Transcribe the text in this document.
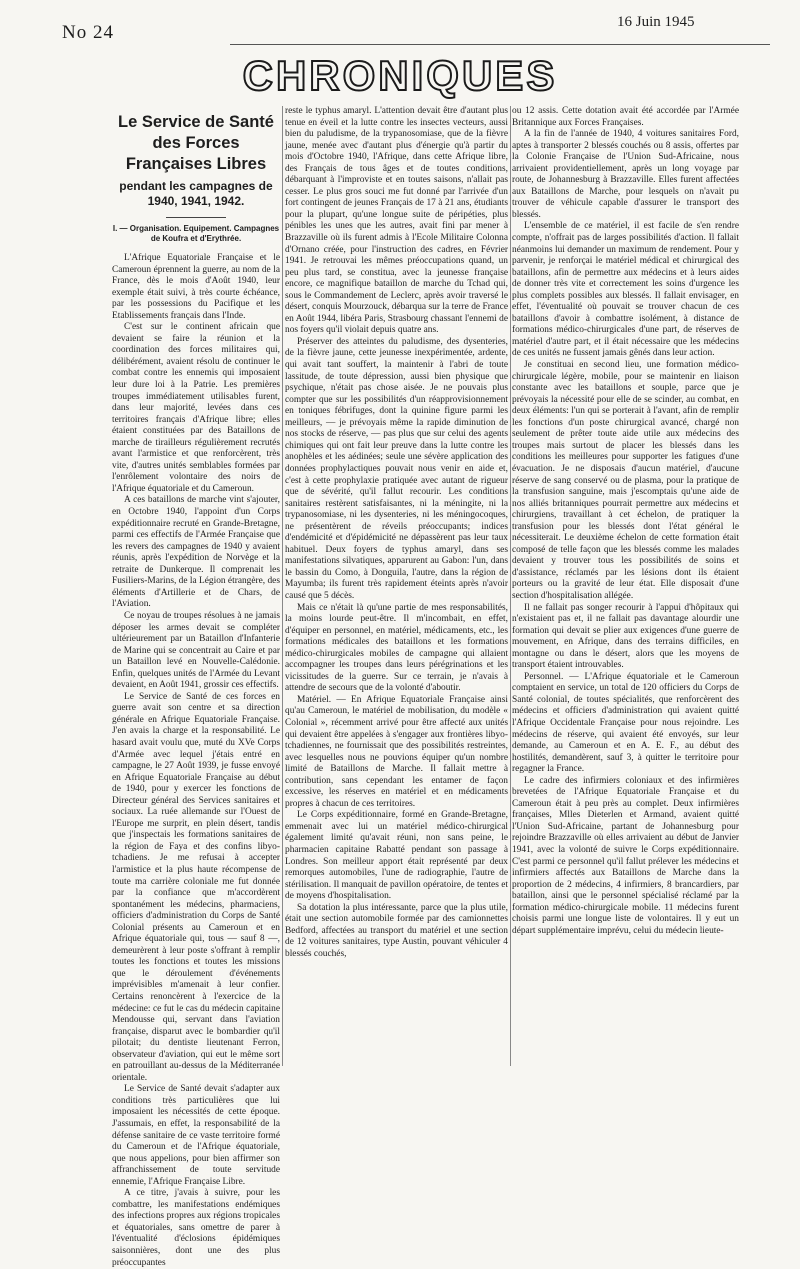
No 24	16 Juin 1945
CHRONIQUES
Le Service de Santé des Forces Françaises Libres
pendant les campagnes de 1940, 1941, 1942.
I. — Organisation. Equipement. Campagnes de Koufra et d'Erythrée.

L'Afrique Equatoriale Française et le Cameroun éprennent la guerre, au nom de la France, dès le mois d'Août 1940, leur exemple était suivi, à très courte échéance, par les possessions du Pacifique et les Etablissements français dans l'Inde.

C'est sur le continent africain que devaient se faire la réunion et la coordination des forces militaires qui, délibérément, avaient résolu de continuer le combat contre les ennemis qui imposaient leur dure loi à la Patrie. Les premières troupes immédiatement utilisables furent, dans leur majorité, levées dans ces territoires français d'Afrique libre; elles étaient constituées par des Bataillons de marche de tirailleurs régulièrement recrutés avant l'armistice et que renforcèrent, très vite, d'autres unités semblables formées par l'enrôlement volontaire des noirs de l'Afrique équatoriale et du Cameroun.

A ces bataillons de marche vint s'ajouter, en Octobre 1940, l'appoint d'un Corps expéditionnaire recruté en Grande-Bretagne, parmi ces effectifs de l'Armée Française que les revers des campagnes de 1940 y avaient réunis, après l'expédition de Norvège et la retraite de Dunkerque. Il comprenait les Fusiliers-Marins, de la Légion étrangère, des éléments d'Artillerie et de Chars, de l'Aviation.

Ce noyau de troupes résolues à ne jamais déposer les armes devait se compléter ultérieurement par un Bataillon d'Infanterie de Marine qui se concentrait au Caire et par un Bataillon levé en Nouvelle-Calédonie. Enfin, quelques unités de l'Armée du Levant devaient, en Août 1941, grossir ces effectifs.

Le Service de Santé de ces forces en guerre avait son centre et sa direction générale en Afrique Equatoriale Française. J'en avais la charge et la responsabilité. Le hasard avait voulu que, muté du XVe Corps d'Armée avec lequel j'étais entré en campagne, le 27 Août 1939, je fusse envoyé en Afrique Equatoriale Française au début de 1940, pour y exercer les fonctions de Directeur général des Services sanitaires et sociaux. La ruée allemande sur l'Ouest de l'Europe me surprit, en plein désert, tandis que j'inspectais les formations sanitaires de la région de Faya et des confins libyo-tchadiens. Je me refusai à accepter l'armistice et la plus haute récompense de toute ma carrière coloniale me fut donnée par la confiance que m'accordèrent spontanément les médecins, pharmaciens, officiers d'administration du Corps de Santé Colonial présents au Cameroun et en Afrique équatoriale qui, tous — sauf 8 —, demeurèrent à leur poste s'offrant à remplir toutes les fonctions et toutes les missions que le déroulement d'événements imprévisibles m'amenait à leur confier. Certains renoncèrent à l'exercice de la médecine: ce fut le cas du médecin capitaine Mendousse qui, servant dans l'aviation française, disparut avec le bombardier qu'il pilotait; du dentiste lieutenant Ferron, observateur d'aviation, qui eut le même sort en patrouillant au-dessus de la Méditerranée orientale.

Le Service de Santé devait s'adapter aux conditions très particulières que lui imposaient les nécessités de cette époque. J'assumais, en effet, la responsabilité de la défense sanitaire de ce vaste territoire formé du Cameroun et de l'Afrique équatoriale, que nous appelions, pour bien affirmer son affranchissement de toute servitude ennemie, l'Afrique Française Libre.

A ce titre, j'avais à suivre, pour les combattre, les manifestations endémiques des infections propres aux régions tropicales et équatoriales, sans omettre de parer à l'éventualité d'éclosions épidémiques saisonnières, dont une des plus préoccupantes

reste le typhus amaryl. L'attention devait être d'autant plus tenue en éveil et la lutte contre les insectes vecteurs, aussi bien du paludisme, de la trypanosomiase, que de la fièvre jaune, menée avec d'autant plus d'énergie qu'à partir du mois d'Octobre 1940, l'Afrique, dans cette Afrique libre, des Français de tous âges et de toutes conditions, débarquant à l'improviste et en toutes saisons, n'allait pas cesser. Le plus gros souci me fut donné par l'arrivée d'un fort contingent de jeunes Français de 17 à 21 ans, étudiants pour la plupart, qu'une longue suite de péripéties, plus pénibles les unes que les autres, avait fini par mener à Brazzaville où ils furent admis à l'Ecole Militaire Colonna d'Ornano créée, pour l'instruction des cadres, en Février 1941. Je retrouvai les mêmes préoccupations quand, un peu plus tard, se constitua, avec la jeunesse française encore, ce magnifique bataillon de marche du Tchad qui, sous le Commandement de Leclerc, après avoir traversé le désert, conquis Mourzouck, débarqua sur la terre de France en Août 1944, libéra Paris, Strasbourg chassant l'ennemi de nos foyers qu'il violait depuis quatre ans.

Préserver des atteintes du paludisme, des dysenteries, de la fièvre jaune, cette jeunesse inexpérimentée, ardente, qui avait tant souffert, la maintenir à l'abri de toute lassitude, de toute dépression, aussi bien physique que psychique, n'était pas chose aisée. Je ne pouvais plus compter que sur les possibilités d'un réapprovisionnement en toniques fébrifuges, dont la quinine figure parmi les meilleurs, — je prévoyais même la rapide diminution de nos stocks de réserve, — pas plus que sur celui des agents chimiques qui ont fait leur preuve dans la lutte contre les anophèles et les aédinées; seule une sévère application des données prophylactiques pouvait nous venir en aide et, c'est à cette prophylaxie pratiquée avec autant de rigueur que de sévérité, qu'il fallut recourir. Les conditions sanitaires restèrent satisfaisantes, ni la méningite, ni la trypanosomiase, ni les dysenteries, ni les méningocoques, ne présentèrent de réveils préoccupants; indices d'endémicité et d'épidémicité ne dépassèrent pas leur taux habituel. Deux foyers de typhus amaryl, dans ses manifestations silvatiques, apparurent au Gabon: l'un, dans le bassin du Como, à Donguila, l'autre, dans la région de Mayumba; ils furent très rapidement éteints après n'avoir causé que 5 décès.

Mais ce n'était là qu'une partie de mes responsabilités, la moins lourde peut-être. Il m'incombait, en effet, d'équiper en personnel, en matériel, médicaments, etc., les formations médicales des bataillons et les formations médico-chirurgicales mobiles de campagne qui allaient accompagner les troupes dans leurs pérégrinations et les vicissitudes de la guerre. Sur ce terrain, je n'avais à attendre de secours que de la volonté d'aboutir.

Matériel. — En Afrique Equatoriale Française ainsi qu'au Cameroun, le matériel de mobilisation, du modèle « Colonial », récemment arrivé pour être affecté aux unités qui devaient être appelées à s'engager aux frontières libyo-tchadiennes, ne fournissait que des possibilités restreintes, avec lesquelles nous ne pouvions équiper qu'un nombre limité de Bataillons de Marche. Il fallait mettre à contribution, sans cependant les entamer de façon excessive, les réserves en matériel et en médicaments propres à chacun de ces territoires.

Le Corps expéditionnaire, formé en Grande-Bretagne, emmenait avec lui un matériel médico-chirurgical également limité qu'avait réuni, non sans peine, le pharmacien capitaine Rabatté pendant son passage à Londres. Son meilleur apport était représenté par deux remorques automobiles, l'une de radiographie, l'autre de stérilisation. Il manquait de pavillon opératoire, de tentes et de moyens d'hospitalisation.

Sa dotation la plus intéressante, parce que la plus utile, était une section automobile formée par des camionnettes Bedford, affectées au transport du matériel et une section de 12 voitures sanitaires, type Austin, pouvant véhiculer 4 blessés couchés,

ou 12 assis. Cette dotation avait été accordée par l'Armée Britannique aux Forces Françaises.

A la fin de l'année de 1940, 4 voitures sanitaires Ford, aptes à transporter 2 blessés couchés ou 8 assis, offertes par la Colonie Française de l'Union Sud-Africaine, nous arrivaient providentiellement, après un long voyage par route, de Johannesburg à Brazzaville. Elles furent affectées aux Bataillons de Marche, pour lesquels on n'avait pu trouver de véhicule capable d'assurer le transport des blessés.

L'ensemble de ce matériel, il est facile de s'en rendre compte, n'offrait pas de larges possibilités d'action. Il fallait néanmoins lui demander un maximum de rendement. Pour y parvenir, je renforçai le matériel médical et chirurgical des bataillons, afin de permettre aux médecins et à leurs aides de donner très vite et correctement les soins d'urgence les plus complets possibles aux blessés. Il fallait envisager, en effet, l'éventualité où pouvait se trouver chacun de ces bataillons d'avoir à combattre isolément, à distance de formations médico-chirurgicales d'une part, de réserves de matériel d'autre part, et il était nécessaire que les médecins de ces unités ne fussent jamais gênés dans leur action.

Je constituai en second lieu, une formation médico-chirurgicale légère, mobile, pour se maintenir en liaison constante avec les bataillons et souple, parce que je prévoyais la nécessité pour elle de se scinder, au combat, en deux éléments: l'un qui se porterait à l'avant, afin de remplir les fonctions d'un poste chirurgical avancé, chargé non seulement de prêter toute aide utile aux médecins des troupes mais surtout de placer les blessés dans les conditions les meilleures pour supporter les fatigues d'une évacuation. Je ne disposais d'aucun matériel, d'aucune réserve de sang conservé ou de plasma, pour la pratique de la transfusion sanguine, mais j'escomptais qu'une aide de nos alliés britanniques pourrait permettre aux médecins et chirurgiens, travaillant à cet échelon, de pratiquer la transfusion pour les blessés dont l'état général le nécessiterait. Le deuxième échelon de cette formation était composé de telle façon que les blessés comme les malades devaient y trouver tous les possibilités de soins et d'assistance, réclamés par les lésions dont ils étaient porteurs ou la gravité de leur état. Elle disposait d'une section d'hospitalisation allégée.

Il ne fallait pas songer recourir à l'appui d'hôpitaux qui n'existaient pas et, il ne fallait pas davantage alourdir une formation qui devait se plier aux exigences d'une guerre de mouvement, en Afrique, dans des terrains difficiles, en montagne ou dans le désert, alors que les moyens de transport étaient introuvables.

Personnel. — L'Afrique équatoriale et le Cameroun comptaient en service, un total de 120 officiers du Corps de Santé colonial, de toutes spécialités, que renforcèrent des médecins et officiers d'administration qui avaient quitté l'Afrique Occidentale Française pour nous rejoindre. Les médecins de réserve, qui avaient été envoyés, sur leur demande, au Cameroun et en A. E. F., au début des hostilités, demandèrent, sauf 3, à quitter le territoire pour regagner la France.

Le cadre des infirmiers coloniaux et des infirmières brevetées de l'Afrique Equatoriale Française et du Cameroun était à peu près au complet. Deux infirmières françaises, Mlles Dieterlen et Armand, avaient quitté l'Union Sud-Africaine, partant de Johannesburg pour rejoindre Brazzaville où elles arrivaient au début de Janvier 1941, avec la volonté de suivre le Corps expéditionnaire. C'est parmi ce personnel qu'il fallut prélever les médecins et infirmiers affectés aux Bataillons de Marche dans la proportion de 2 médecins, 4 infirmiers, 8 brancardiers, par bataillon, ainsi que le personnel spécialisé réclamé par la formation médico-chirurgicale mobile. 11 médecins furent choisis parmi une longue liste de volontaires. Il y eut un départ supplémentaire imprévu, celui du médecin lieute-
